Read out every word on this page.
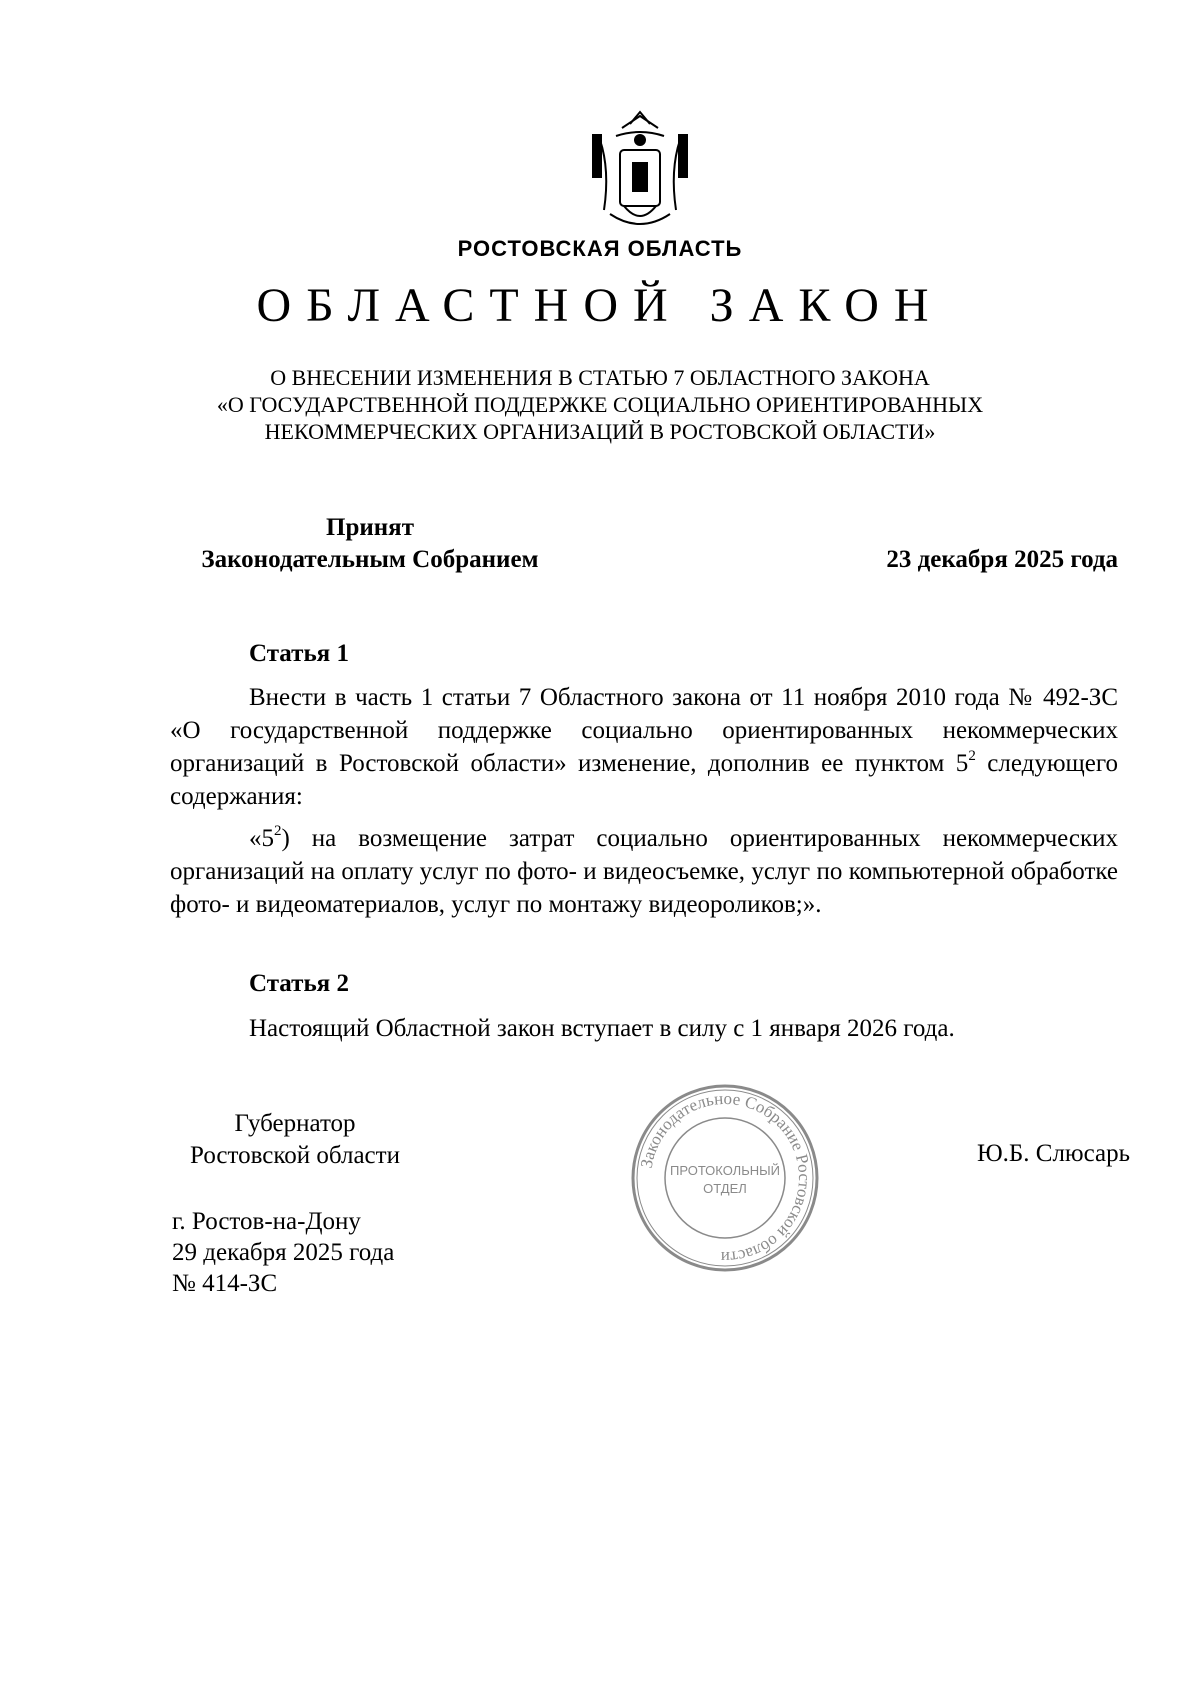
РОСТОВСКАЯ ОБЛАСТЬ
ОБЛАСТНОЙ ЗАКОН
О ВНЕСЕНИИ ИЗМЕНЕНИЯ В СТАТЬЮ 7 ОБЛАСТНОГО ЗАКОНА
«О ГОСУДАРСТВЕННОЙ ПОДДЕРЖКЕ СОЦИАЛЬНО ОРИЕНТИРОВАННЫХ
НЕКОММЕРЧЕСКИХ ОРГАНИЗАЦИЙ В РОСТОВСКОЙ ОБЛАСТИ»
Принят
Законодательным Собранием	23 декабря 2025 года
Статья 1

Внести в часть 1 статьи 7 Областного закона от 11 ноября 2010 года № 492-ЗС «О государственной поддержке социально ориентированных некоммерческих организаций в Ростовской области» изменение, дополнив ее пунктом $5^2$ следующего содержания:

«$5^2$) на возмещение затрат социально ориентированных некоммерческих организаций на оплату услуг по фото- и видеосъемке, услуг по компьютерной обработке фото- и видеоматериалов, услуг по монтажу видеороликов;».

Статья 2

Настоящий Областной закон вступает в силу с 1 января 2026 года.

Губернатор
Ростовской области	Ю.Б. Слюсарь
Законодательное Собрание Ростовской области
ПРОТОКОЛЬНЫЙ
ОТДЕЛ
г. Ростов-на-Дону
29 декабря 2025 года
№ 414-ЗС
